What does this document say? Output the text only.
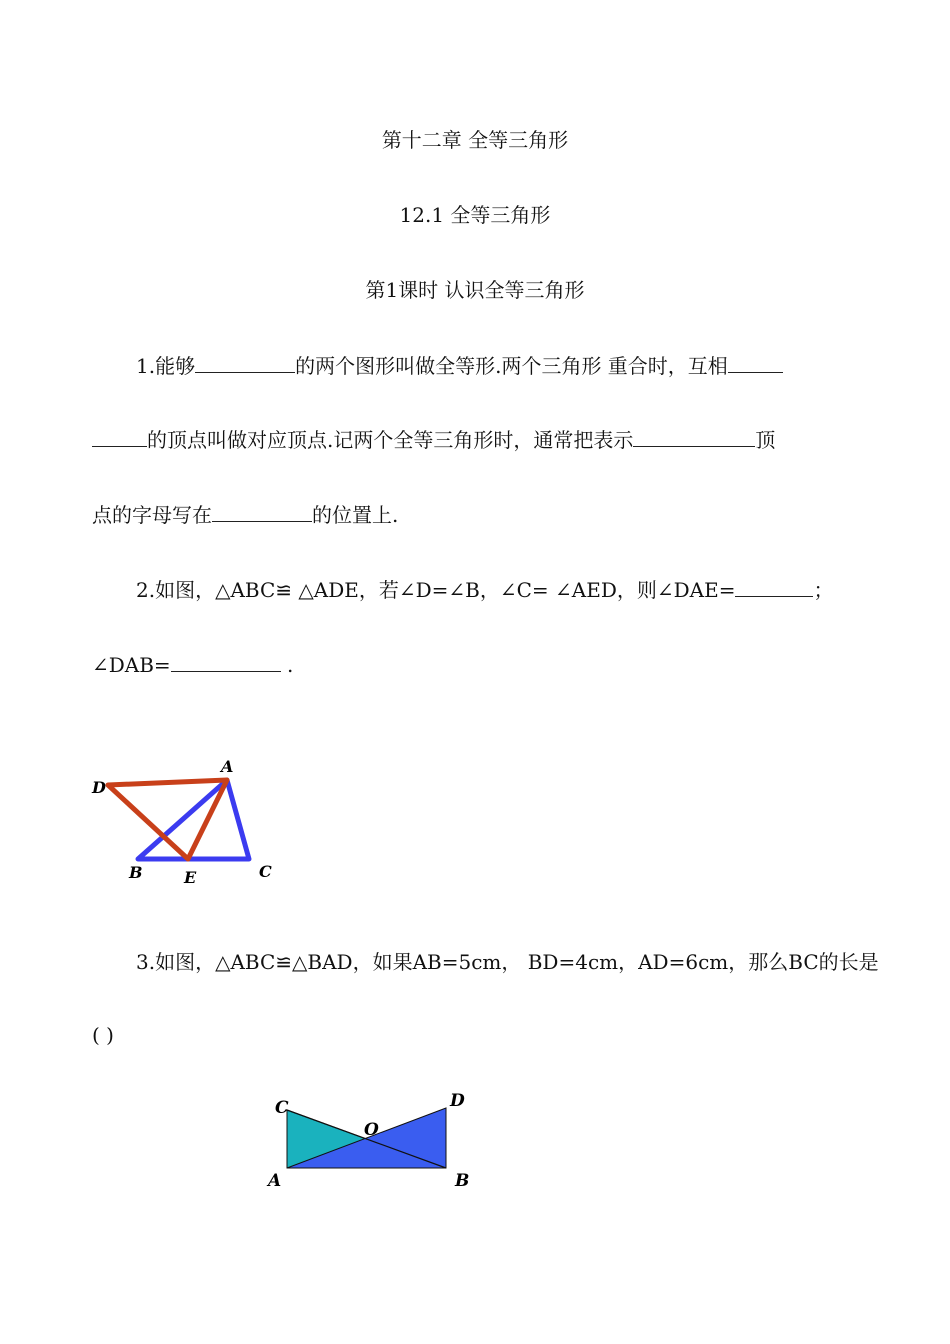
第十二章 全等三角形
12.1 全等三角形
第1课时 认识全等三角形
1.能够	的两个图形叫做全等形.两个三角形 重合时，互相
的顶点叫做对应顶点.记两个全等三角形时，通常把表示	顶
点的字母写在	的位置上.
2.如图，△ABC≌ △ADE，若∠D=∠B，∠C= ∠AED，则∠DAE=	；
∠DAB=	.
A
D
B	E	C
3.如图，△ABC≌△BAD，如果AB=5cm， BD=4cm，AD=6cm，那么BC的长是
( )
C	D
O
A	B
